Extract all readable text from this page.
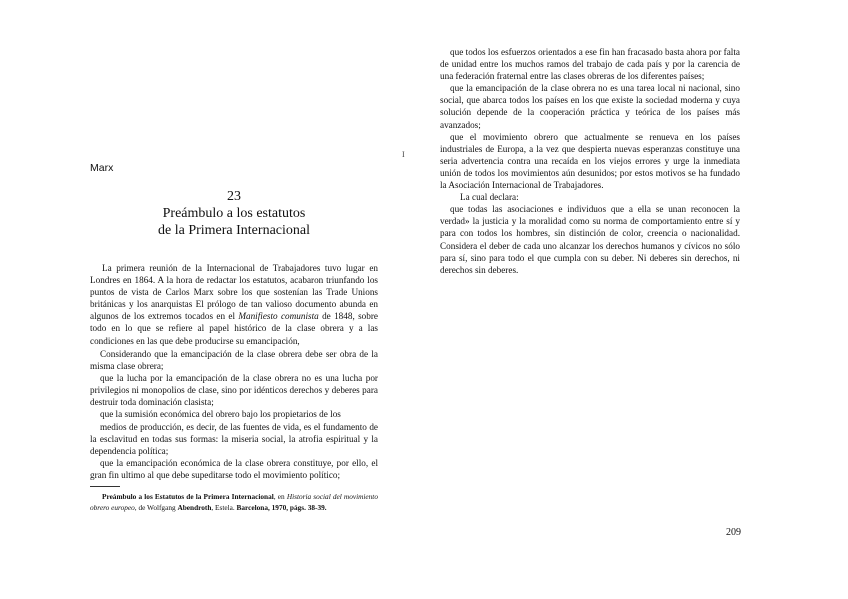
Marx
23
Preámbulo a los estatutos
de la Primera Internacional

La primera reunión de la Internacional de Trabajadores tuvo lugar en Londres en 1864. A la hora de redactar los estatutos, acabaron triunfando los puntos de vista de Carlos Marx sobre los que sostenían las Trade Unions británicas y los anarquistas El prólogo de tan valioso documento abunda en algunos de los extremos tocados en el Manifiesto comunista de 1848, sobre todo en lo que se refiere al papel histórico de la clase obrera y a las condiciones en las que debe producirse su emancipación,

Considerando que la emancipación de la clase obrera debe ser obra de la misma clase obrera;

que la lucha por la emancipación de la clase obrera no es una lucha por privilegios ni monopolios de clase, sino por idénticos derechos y deberes para destruir toda dominación clasista;

que la sumisión económica del obrero bajo los propietarios de los

medios de producción, es decir, de las fuentes de vida, es el fundamento de la esclavitud en todas sus formas: la miseria social, la atrofia espiritual y la dependencia política;

que la emancipación económica de la clase obrera constituye, por ello, el gran fin ultimo al que debe supeditarse todo el movimiento político;

Preámbulo a los Estatutos de la Primera Internacional, en Historia social del movimiento obrero europeo, de Wolfgang Abendroth, Estela. Barcelona, 1970, págs. 38-39.

I

que todos los esfuerzos orientados a ese fin han fracasado basta ahora por falta de unidad entre los muchos ramos del trabajo de cada país y por la carencia de una federación fraternal entre las clases obreras de los diferentes países;

que la emancipación de la clase obrera no es una tarea local ni nacional, sino social, que abarca todos los países en los que existe la sociedad moderna y cuya solución depende de la cooperación práctica y teórica de los países más avanzados;

que el movimiento obrero que actualmente se renueva en los países industriales de Europa, a la vez que despierta nuevas esperanzas constituye una seria advertencia contra una recaída en los viejos errores y urge la inmediata unión de todos los movimientos aún desunidos; por estos motivos se ha fundado la Asociación Internacional de Trabajadores.

La cual declara:

que todas las asociaciones e individuos que a ella se unan reconocen la verdad» la justicia y la moralidad como su norma de comportamiento entre sí y para con todos los hombres, sin distinción de color, creencia o nacionalidad. Considera el deber de cada uno alcanzar los derechos humanos y cívicos no sólo para sí, sino para todo el que cumpla con su deber. Ni deberes sin derechos, ni derechos sin deberes.

209
